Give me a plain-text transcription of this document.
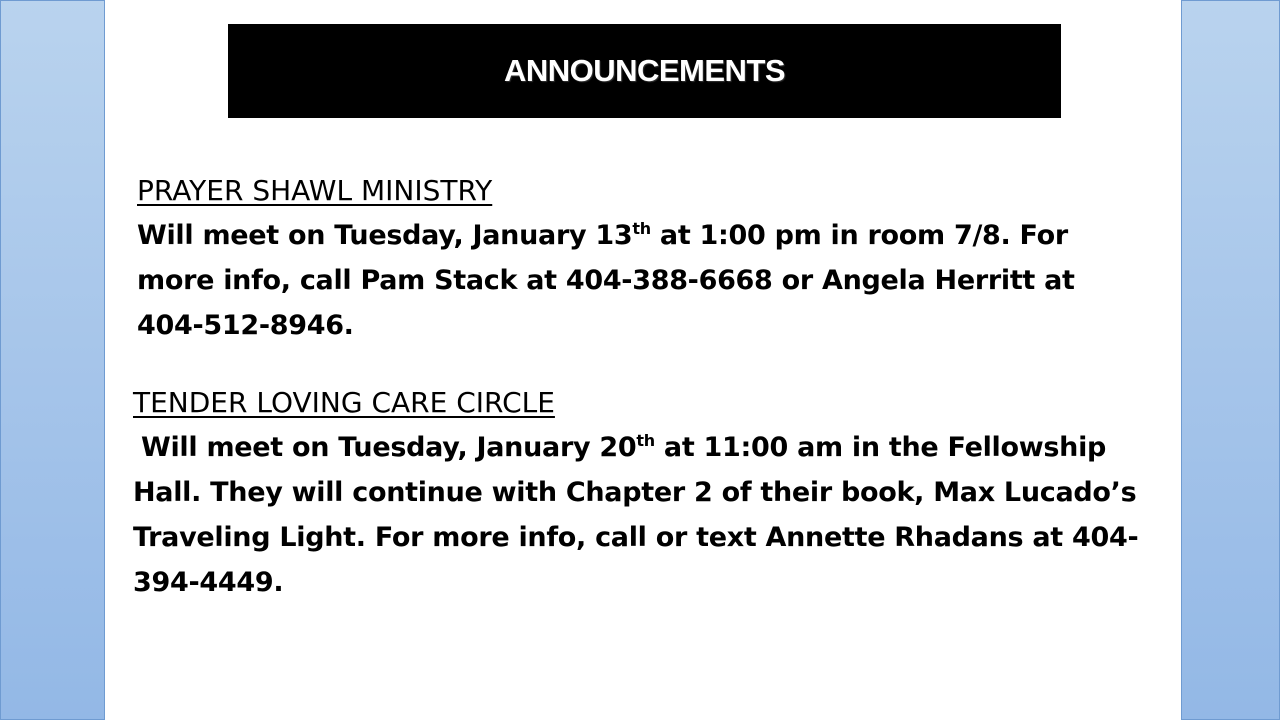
ANNOUNCEMENTS
PRAYER SHAWL MINISTRY

Will meet on Tuesday, January 13th at 1:00 pm in room 7/8. For

more info, call Pam Stack at 404-388-6668 or Angela Herritt at

404-512-8946.

TENDER LOVING CARE CIRCLE

Will meet on Tuesday, January 20th at 11:00 am in the Fellowship

Hall. They will continue with Chapter 2 of their book, Max Lucado’s

Traveling Light. For more info, call or text Annette Rhadans at 404-

394-4449.
